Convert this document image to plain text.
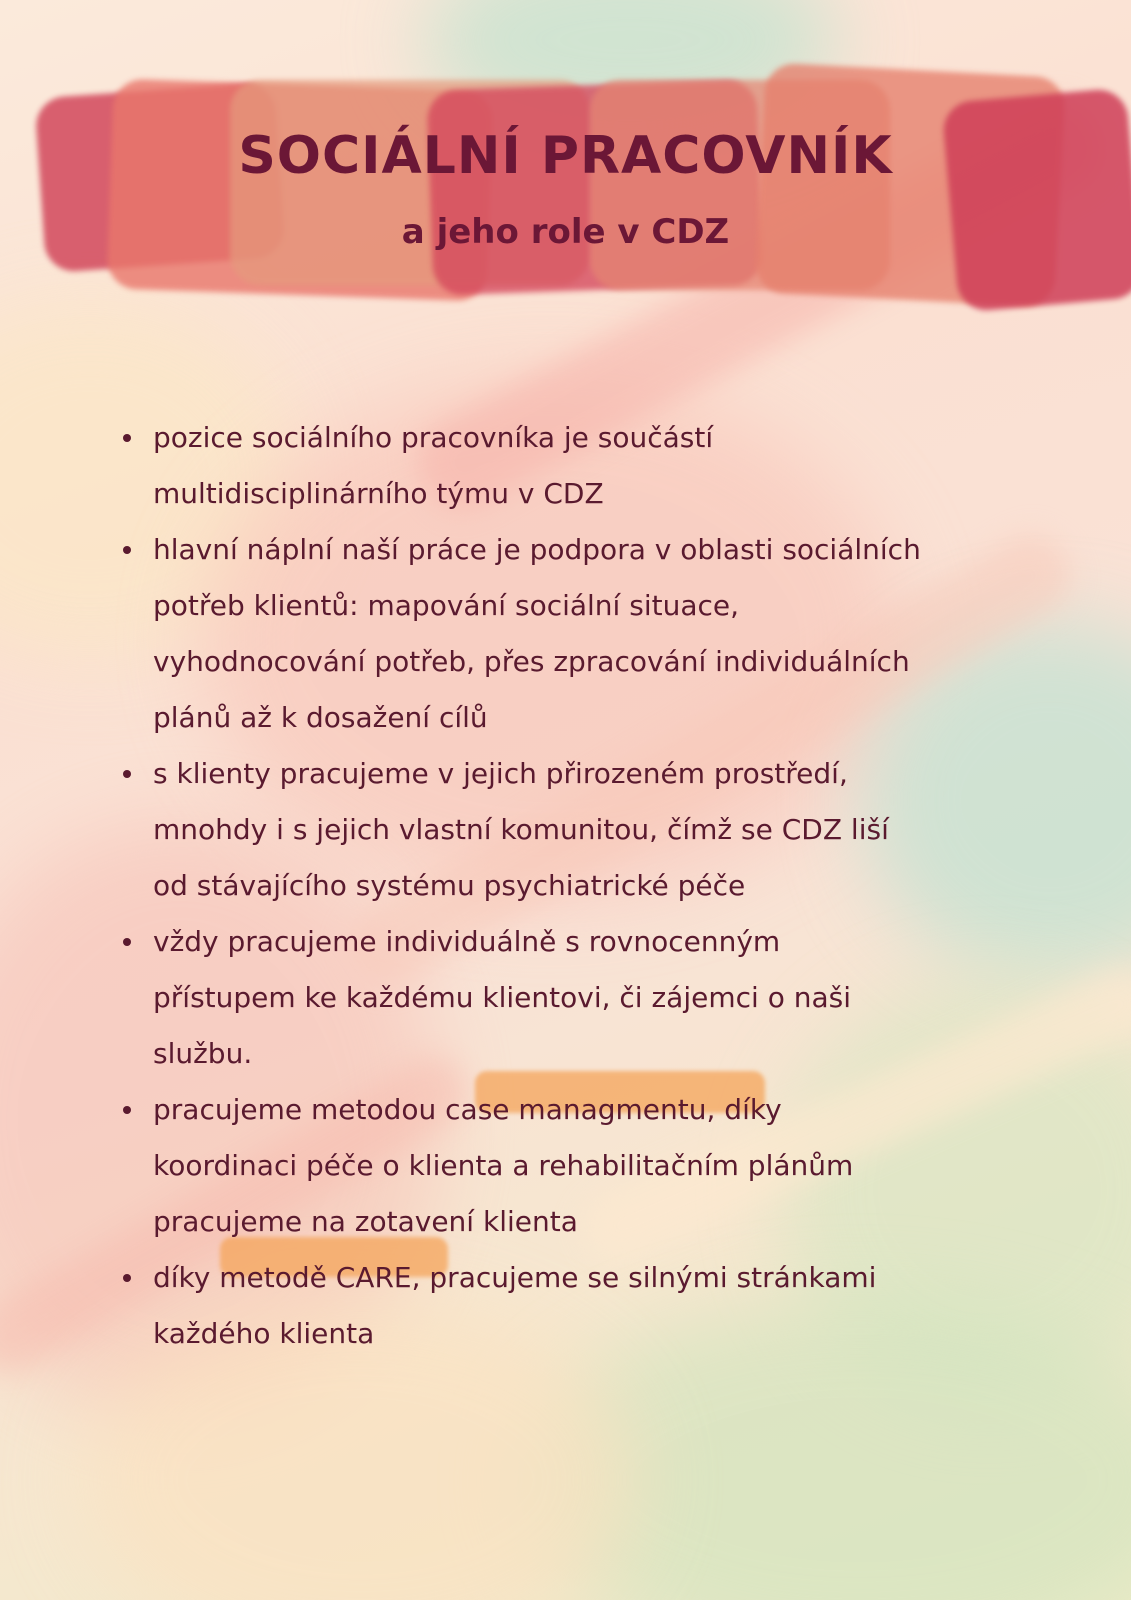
SOCIÁLNÍ PRACOVNÍK
a jeho role v CDZ
pozice sociálního pracovníka je součástí
multidisciplinárního týmu v CDZ
hlavní náplní naší práce je podpora v oblasti sociálních
potřeb klientů: mapování sociální situace,
vyhodnocování potřeb, přes zpracování individuálních
plánů až k dosažení cílů
s klienty pracujeme v jejich přirozeném prostředí,
mnohdy i s jejich vlastní komunitou, čímž se CDZ liší
od stávajícího systému psychiatrické péče
vždy pracujeme individuálně s rovnocenným
přístupem ke každému klientovi, či zájemci o naši
službu.
pracujeme metodou case managmentu, díky
koordinaci péče o klienta a rehabilitačním plánům
pracujeme na zotavení klienta
díky metodě CARE, pracujeme se silnými stránkami
každého klienta
